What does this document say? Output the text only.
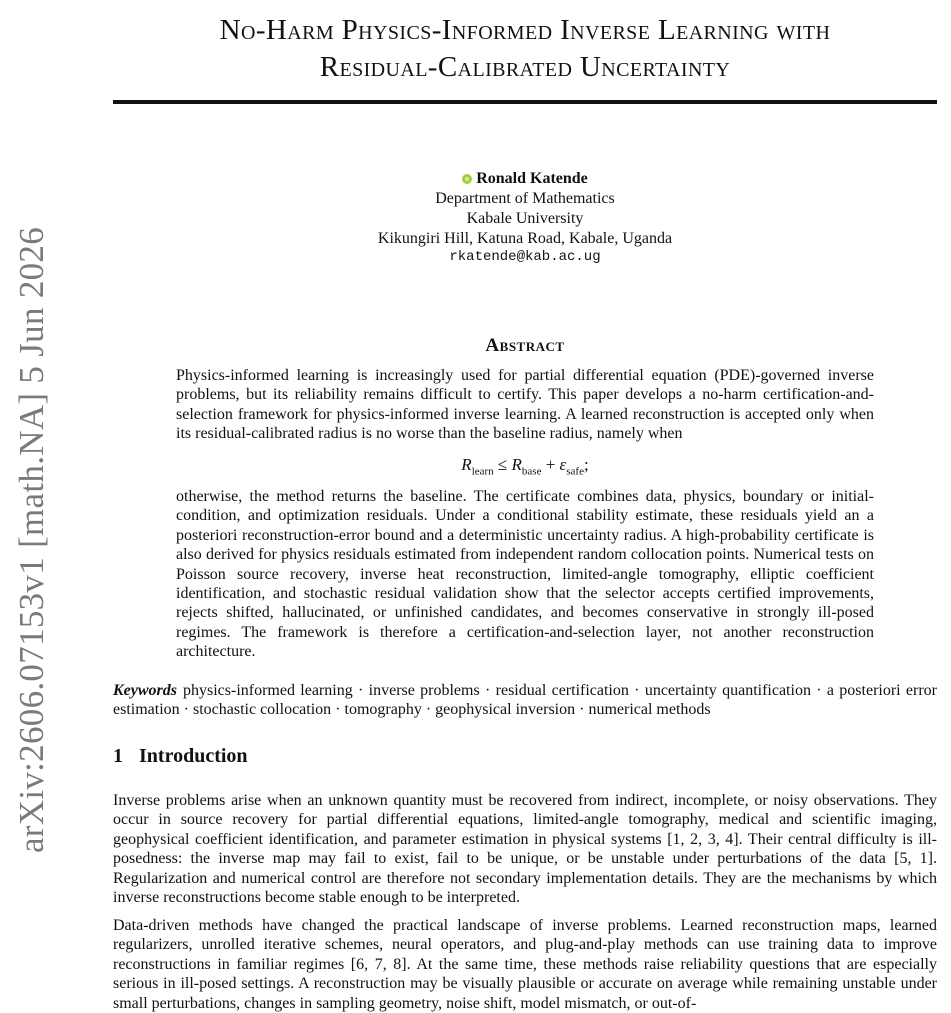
arXiv:2606.07153v1 [math.NA] 5 Jun 2026
No-Harm Physics-Informed Inverse Learning with
Residual-Calibrated Uncertainty
Ronald Katende
Department of Mathematics
Kabale University
Kikungiri Hill, Katuna Road, Kabale, Uganda
rkatende@kab.ac.ug
Abstract

Physics-informed learning is increasingly used for partial differential equation (PDE)-governed inverse problems, but its reliability remains difficult to certify. This paper develops a no-harm certification-and-selection framework for physics-informed inverse learning. A learned reconstruction is accepted only when its residual-calibrated radius is no worse than the baseline radius, namely when

$R_{learn} \le R_{base} + \varepsilon_{safe}$;

otherwise, the method returns the baseline. The certificate combines data, physics, boundary or initial-condition, and optimization residuals. Under a conditional stability estimate, these residuals yield an a posteriori reconstruction-error bound and a deterministic uncertainty radius. A high-probability certificate is also derived for physics residuals estimated from independent random collocation points. Numerical tests on Poisson source recovery, inverse heat reconstruction, limited-angle tomography, elliptic coefficient identification, and stochastic residual validation show that the selector accepts certified improvements, rejects shifted, hallucinated, or unfinished candidates, and becomes conservative in strongly ill-posed regimes. The framework is therefore a certification-and-selection layer, not another reconstruction architecture.

Keywords physics-informed learning · inverse problems · residual certification · uncertainty quantification · a posteriori error estimation · stochastic collocation · tomography · geophysical inversion · numerical methods

1 Introduction

Inverse problems arise when an unknown quantity must be recovered from indirect, incomplete, or noisy observations. They occur in source recovery for partial differential equations, limited-angle tomography, medical and scientific imaging, geophysical coefficient identification, and parameter estimation in physical systems [1, 2, 3, 4]. Their central difficulty is ill-posedness: the inverse map may fail to exist, fail to be unique, or be unstable under perturbations of the data [5, 1]. Regularization and numerical control are therefore not secondary implementation details. They are the mechanisms by which inverse reconstructions become stable enough to be interpreted.

Data-driven methods have changed the practical landscape of inverse problems. Learned reconstruction maps, learned regularizers, unrolled iterative schemes, neural operators, and plug-and-play methods can use training data to improve reconstructions in familiar regimes [6, 7, 8]. At the same time, these methods raise reliability questions that are especially serious in ill-posed settings. A reconstruction may be visually plausible or accurate on average while remaining unstable under small perturbations, changes in sampling geometry, noise shift, model mismatch, or out-of-
